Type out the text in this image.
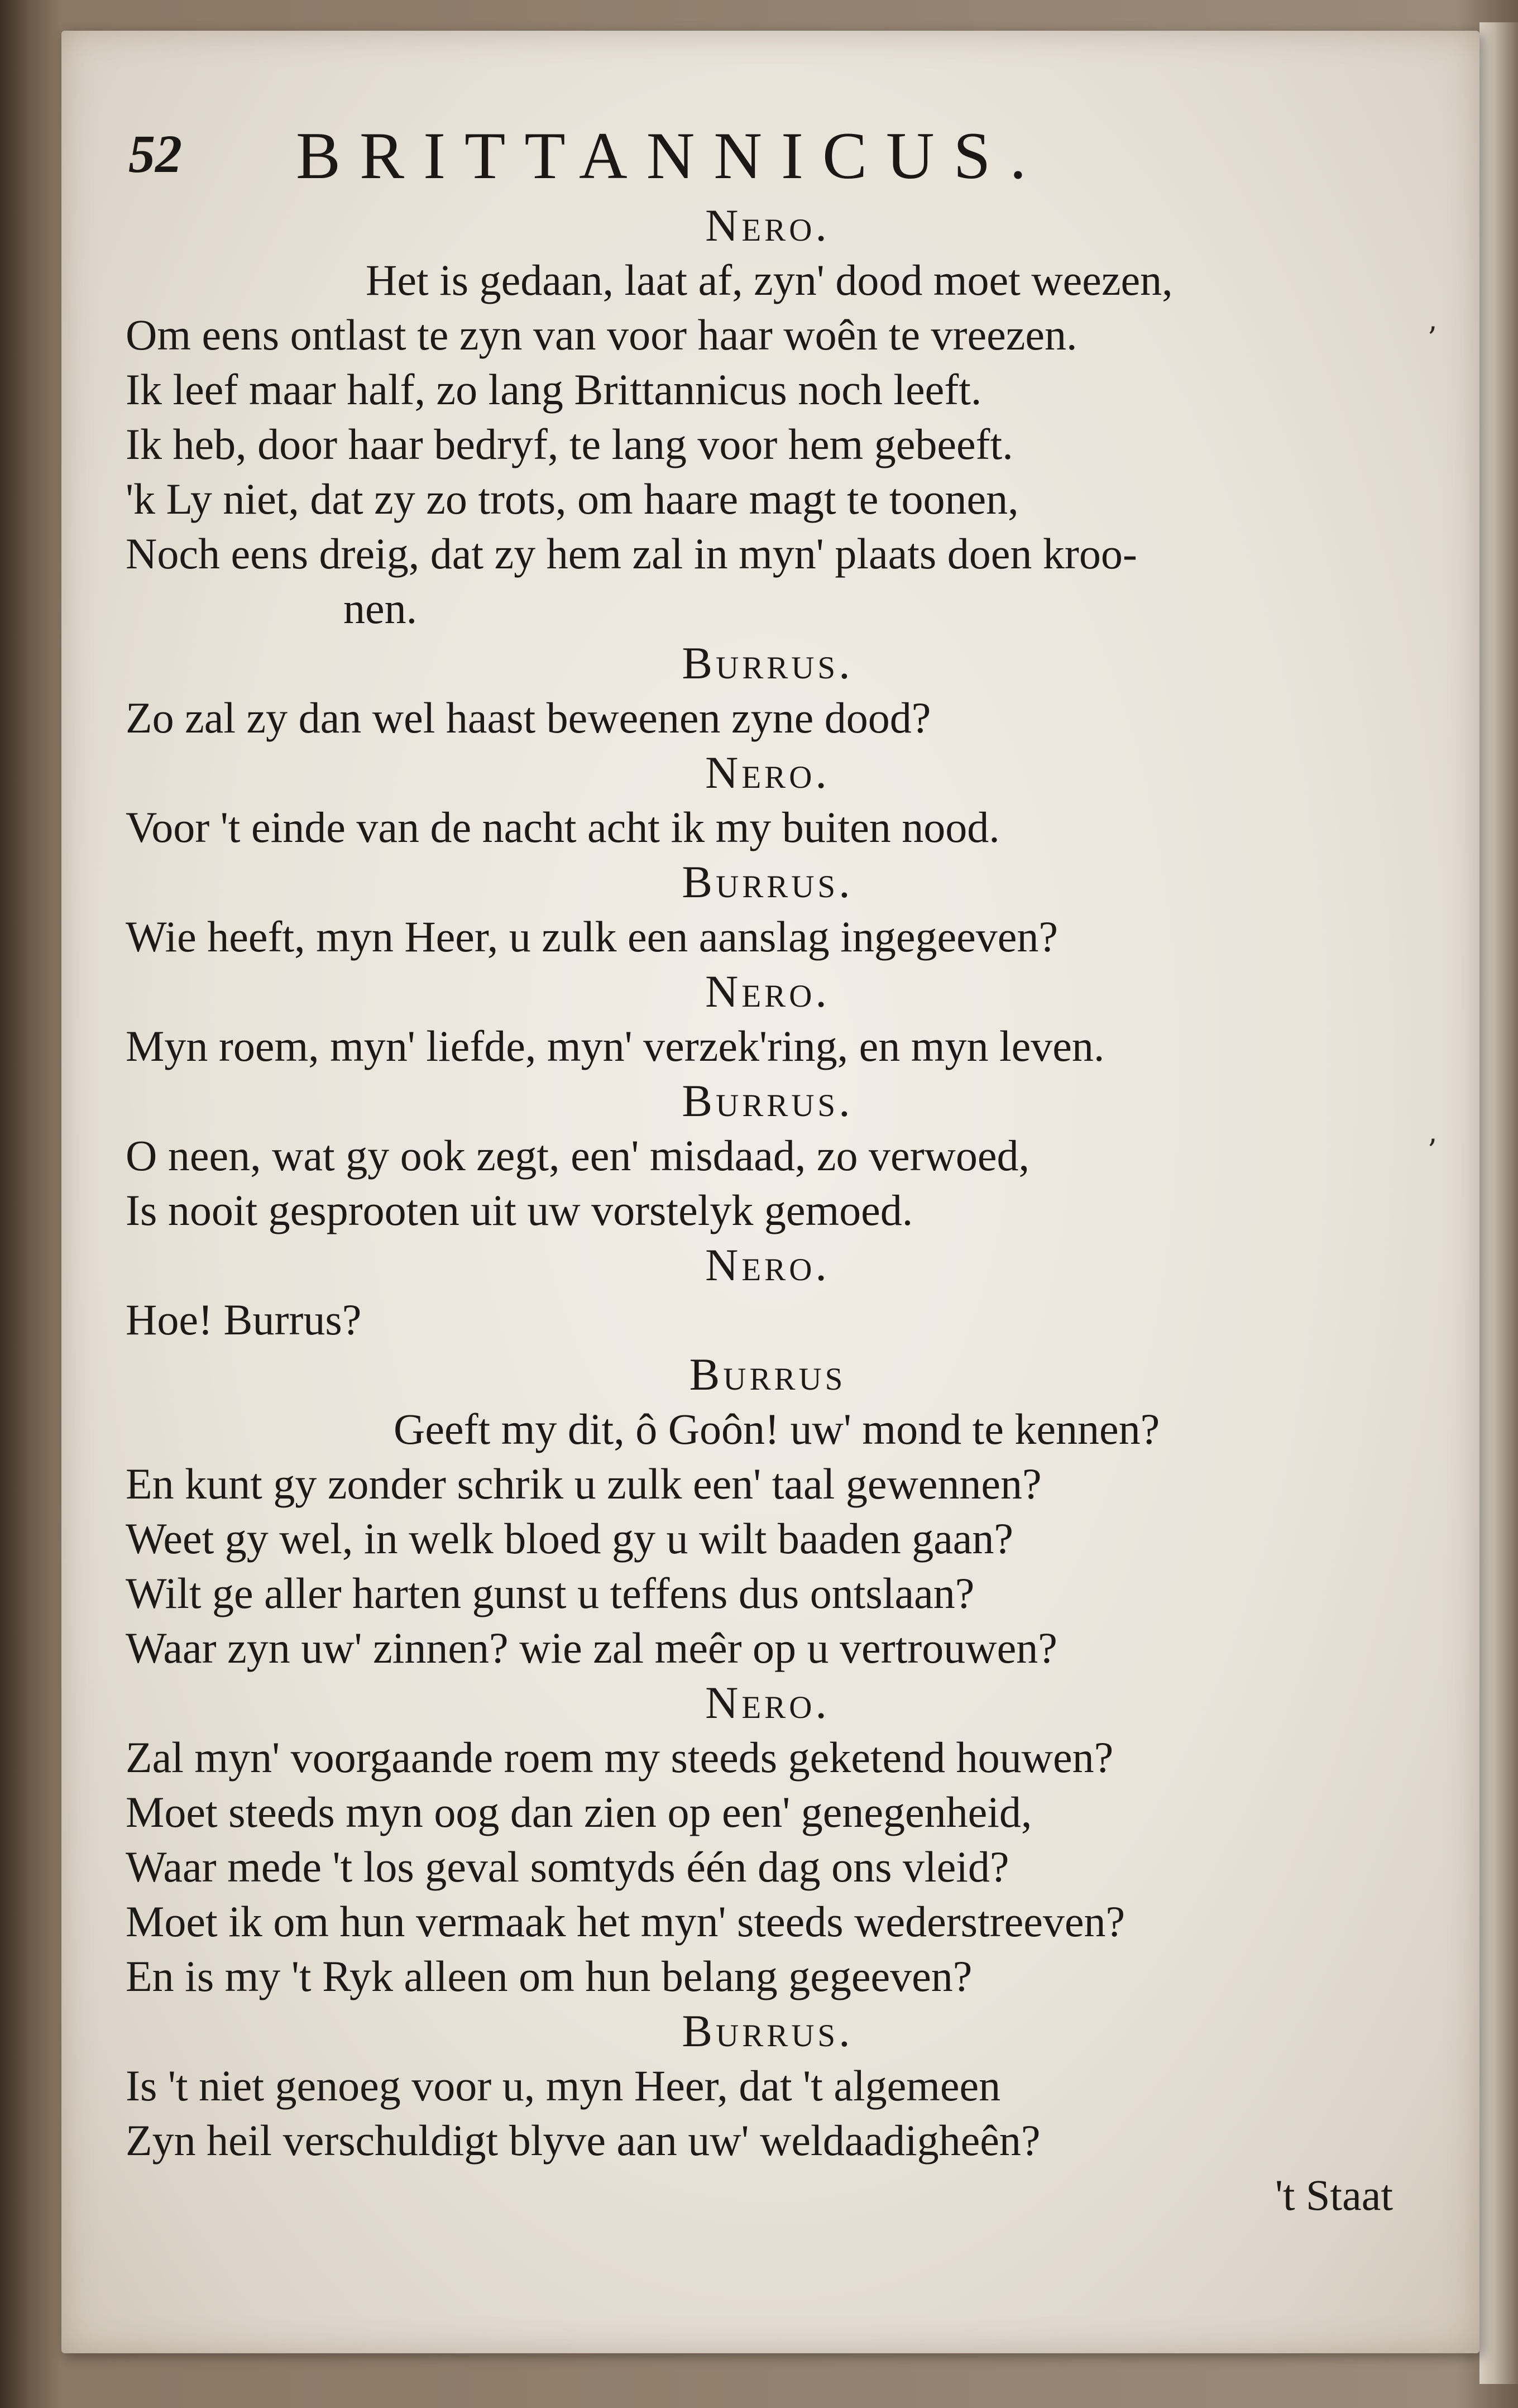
52 BRITTANNICUS.
Nero.
Het is gedaan, laat af, zyn' dood moet weezen,
Om eens ontlast te zyn van voor haar woên te vreezen.
Ik leef maar half, zo lang Brittannicus noch leeft.
Ik heb, door haar bedryf, te lang voor hem gebeeft.
'k Ly niet, dat zy zo trots, om haare magt te toonen,
Noch eens dreig, dat zy hem zal in myn' plaats doen kroo-
nen.
Burrus.
Zo zal zy dan wel haast beweenen zyne dood?
Nero.
Voor 't einde van de nacht acht ik my buiten nood.
Burrus.
Wie heeft, myn Heer, u zulk een aanslag ingegeeven?
Nero.
Myn roem, myn' liefde, myn' verzek'ring, en myn leven.
Burrus.
O neen, wat gy ook zegt, een' misdaad, zo verwoed,
Is nooit gesprooten uit uw vorstelyk gemoed.
Nero.
Hoe! Burrus?
Burrus
Geeft my dit, ô Goôn! uw' mond te kennen?
En kunt gy zonder schrik u zulk een' taal gewennen?
Weet gy wel, in welk bloed gy u wilt baaden gaan?
Wilt ge aller harten gunst u teffens dus ontslaan?
Waar zyn uw' zinnen? wie zal meêr op u vertrouwen?
Nero.
Zal myn' voorgaande roem my steeds geketend houwen?
Moet steeds myn oog dan zien op een' genegenheid,
Waar mede 't los geval somtyds één dag ons vleid?
Moet ik om hun vermaak het myn' steeds wederstreeven?
En is my 't Ryk alleen om hun belang gegeeven?
Burrus.
Is 't niet genoeg voor u, myn Heer, dat 't algemeen
Zyn heil verschuldigt blyve aan uw' weldaadigheên?
't Staat
ʼ
ʼ
